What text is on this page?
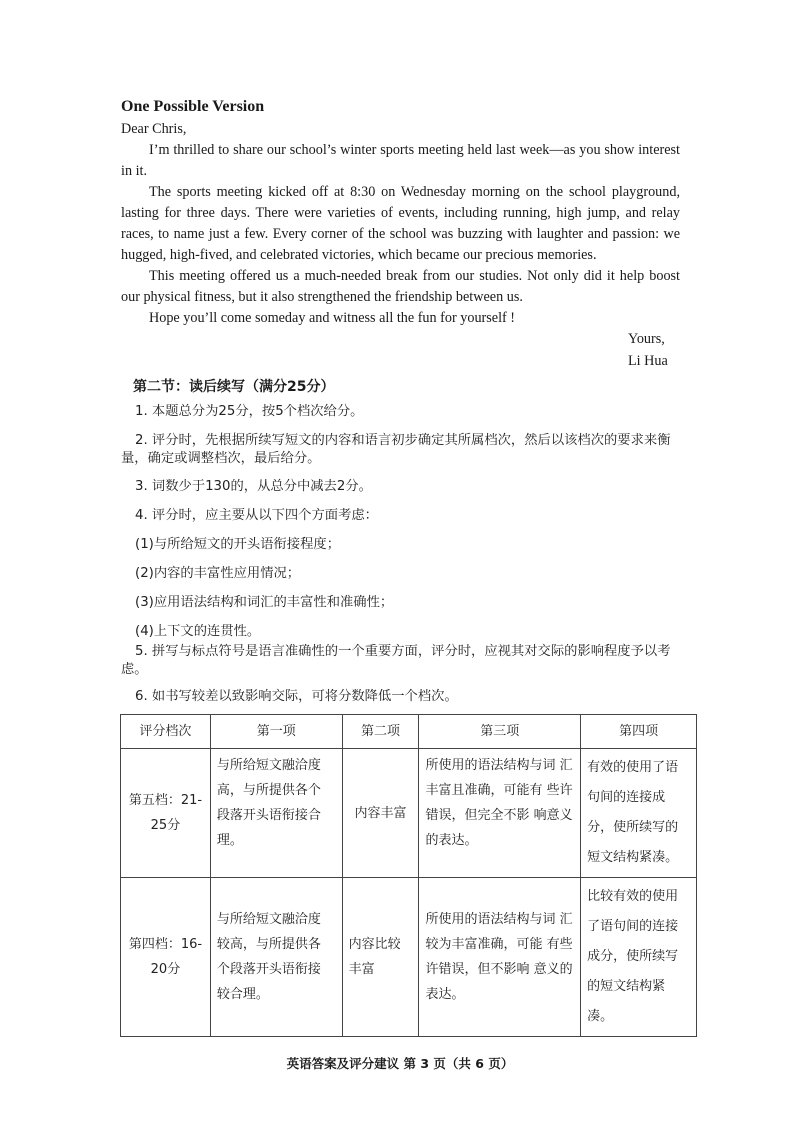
One Possible Version

Dear Chris,

I’m thrilled to share our school’s winter sports meeting held last week—as you show interest in it.

The sports meeting kicked off at 8:30 on Wednesday morning on the school playground, lasting for three days. There were varieties of events, including running, high jump, and relay races, to name just a few. Every corner of the school was buzzing with laughter and passion: we hugged, high-fived, and celebrated victories, which became our precious memories.

This meeting offered us a much-needed break from our studies. Not only did it help boost our physical fitness, but it also strengthened the friendship between us.

Hope you’ll come someday and witness all the fun for yourself !

Yours,
Li Hua
第二节：读后续写（满分25分）
1. 本题总分为25分，按5个档次给分。
2. 评分时，先根据所续写短文的内容和语言初步确定其所属档次，然后以该档次的要求来衡量，确定或调整档次，最后给分。
3. 词数少于130的，从总分中减去2分。
4. 评分时，应主要从以下四个方面考虑：
(1)与所给短文的开头语衔接程度；
(2)内容的丰富性应用情况；
(3)应用语法结构和词汇的丰富性和准确性；
(4)上下文的连贯性。
5. 拼写与标点符号是语言准确性的一个重要方面，评分时，应视其对交际的影响程度予以考虑。
6. 如书写较差以致影响交际，可将分数降低一个档次。
评分档次	第一项	第二项	第三项	第四项
第五档：21-25分	与所给短文融洽度 高，与所提供各个 段落开头语衔接合 理。	内容丰富	所使用的语法结构与词 汇丰富且准确，可能有 些许错误，但完全不影 响意义的表达。	有效的使用了语句间的连接成分，使所续写的短文结构紧凑。
第四档：16-20分	与所给短文融洽度 较高，与所提供各 个段落开头语衔接 较合理。	内容比较 丰富	所使用的语法结构与词 汇较为丰富准确，可能 有些许错误，但不影响 意义的表达。	比较有效的使用了语句间的连接成分，使所续写的短文结构紧凑。
英语答案及评分建议 第 3 页（共 6 页）
